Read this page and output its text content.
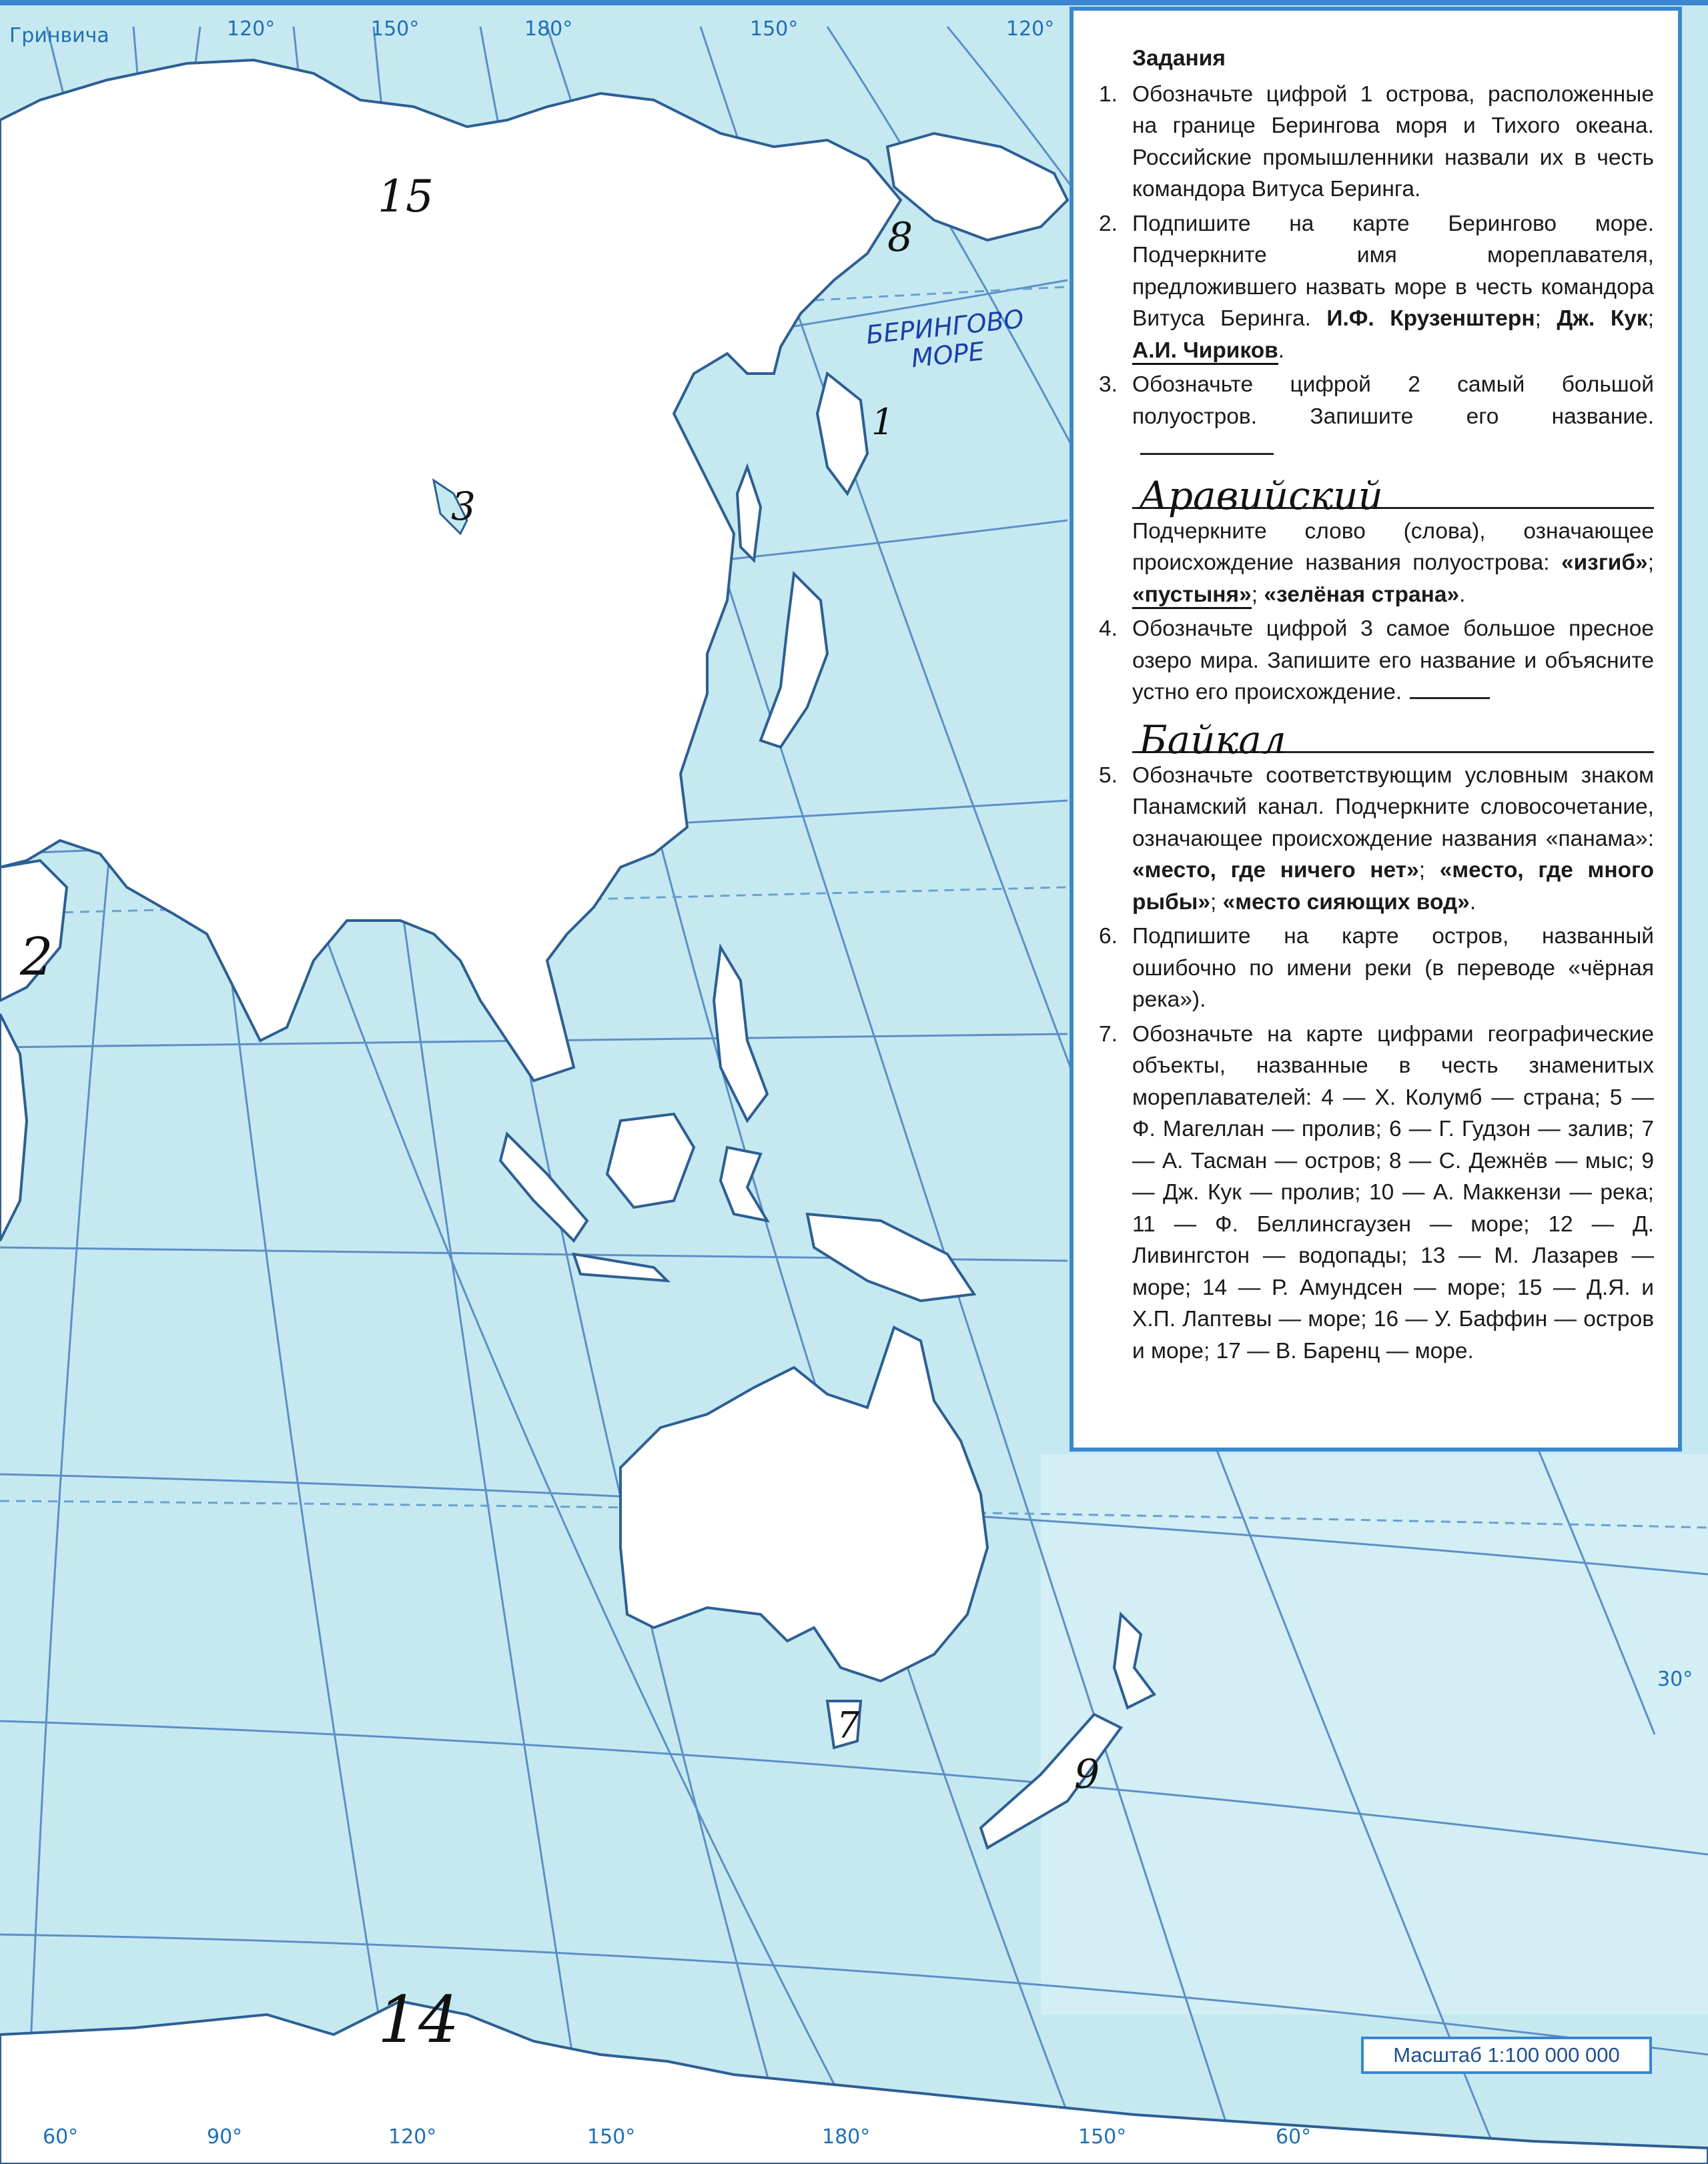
Гринвича	120°	150°	180°	150°	120°
60°	90°	120°	150°	180°	150°	60°
30°
15
8
БЕРИНГОВО
МОРЕ
1
3
2
7
9
14	Масштаб 1:100 000 000
Задания
1. Обозначьте цифрой 1 острова, расположенные на границе Берингова моря и Тихого океана. Российские промышленники назвали их в честь командора Витуса Беринга.
2. Подпишите на карте Берингово море. Подчеркните имя мореплавателя, предложившего назвать море в честь командора Витуса Беринга. И.Ф. Крузенштерн; Дж. Кук; А.И. Чириков.
3. Обозначьте цифрой 2 самый большой полуостров. Запишите его название.
Аравийский
Подчеркните слово (слова), означающее происхождение названия полуострова: «изгиб»; «пустыня»; «зелёная страна».
4. Обозначьте цифрой 3 самое большое пресное озеро мира. Запишите его название и объясните устно его происхождение.
Байкал
5. Обозначьте соответствующим условным знаком Панамский канал. Подчеркните словосочетание, означающее происхождение названия «панама»: «место, где ничего нет»; «место, где много рыбы»; «место сияющих вод».
6. Подпишите на карте остров, названный ошибочно по имени реки (в переводе «чёрная река»).
7. Обозначьте на карте цифрами географические объекты, названные в честь знаменитых мореплавателей: 4 — Х. Колумб — страна; 5 — Ф. Магеллан — пролив; 6 — Г. Гудзон — залив; 7 — А. Тасман — остров; 8 — С. Дежнёв — мыс; 9 — Дж. Кук — пролив; 10 — А. Маккензи — река; 11 — Ф. Беллинсгаузен — море; 12 — Д. Ливингстон — водопады; 13 — М. Лазарев — море; 14 — Р. Амундсен — море; 15 — Д.Я. и Х.П. Лаптевы — море; 16 — У. Баффин — остров и море; 17 — В. Баренц — море.
